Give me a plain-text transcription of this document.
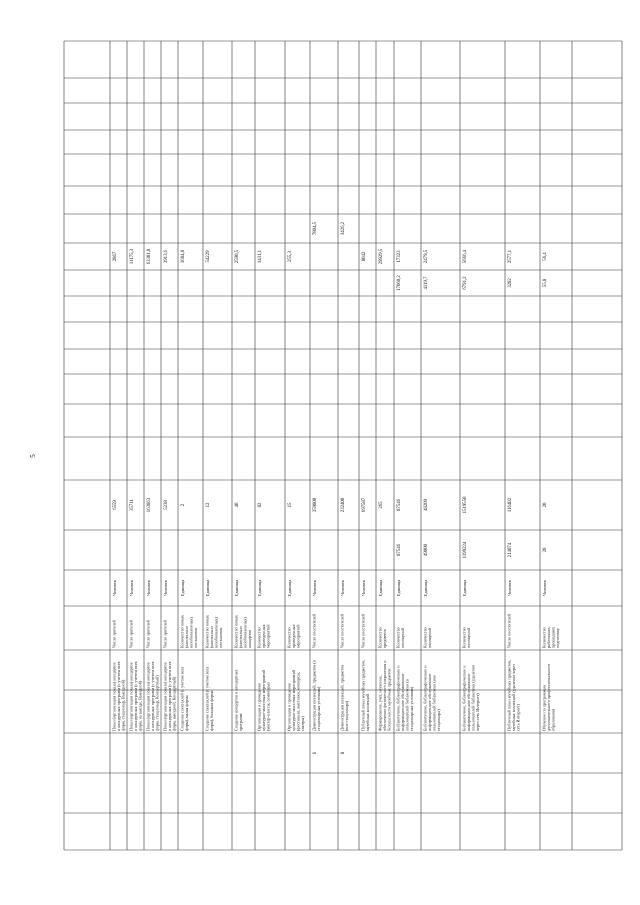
5
2867
6559
Человек
Число зрителей
Показ (организация показа) концертови концертных программ (с учетом всехформ, стационар, Выездной)
11175,3
35711
Человек
Число зрителей
Показ (организация показа) концертови концертных программ (с учетом всехформ, на выезде, Выездной)
63301,8
163863
Человек
Число зрителей
Показ (организация показа) концертови концертных программ (с учетом всехформ, стационар, Концертный)
3913,6
5238
Человек
Число зрителей
Показ (организация показа) концертови концертных программ (с учетом всехформ, выездной, Концертный)
1684,8
2
Единица
Количество новых(капитальновозобновленных)постановок
Создание спектаклей (с учетом всехформ), малая форма
54229
12
Единица
Количество новых(капитальновозобновленных)постановок
Создание спектаклей (с учетом всехформ), большая форма
2590,5
40
Единица
Количество новых(капитальновозобновленных)концертов
Создание концертов и концертныхпрограмм
1431,1
82
Единица
Количествопроведенныхмероприятий
Организация и проведениекультурно-массовых мероприятий(мастер-классы, семинары)
255,3
15
Единица
Количествопроведенныхмероприятий
Организация и проведениекультурно-массовых мероприятий(фестивали, выставки, конкурсы,смотры)
7804,5
359800
Человек
Число посетителей
Демонстрация коллекций, предметов (встационарных условиях)
6
3426,2
232400
Человек
Число посетителей
Демонстрация коллекций, предметов(вне стационара)
8
8042
697587
Человек
Число посетителей
Публичный показ музейных предметов,музейных коллекций
29929,5
265
Единица
Количествопредметов
Формирование, учет, изучение,обеспечение физического сохранения ибезопасности музейных предметов
17323
17060,2
87546
87546
Единица
Количествопосещений
Библиотечное, библиографическое иинформационное обслуживаниепользователей библиотеки (встационарных условиях)
2479,5
4119,7
48209
49000
Единица
Количествопосещений
Библиотечное, библиографическое иинформационное обслуживаниепользователей библиотеки (внестационара)
5666,4
6791,2
1519550
1199224
Единица
Количествопосещений
Библиотечное, библиографическое иинформационное обслуживаниепользователей библиотеки (удаленночерез сеть Интернет)
2577,1
3282
116402
214074
Человек
Число посетителей
Публичный показ музейных предметов,музейных коллекций (удаленно черезсеть Интернет)
56,4
55,8
20
20
Человек
Количествоработников,прошедшихподготовку
Обучение по программамдополнительного профессиональногообразования
